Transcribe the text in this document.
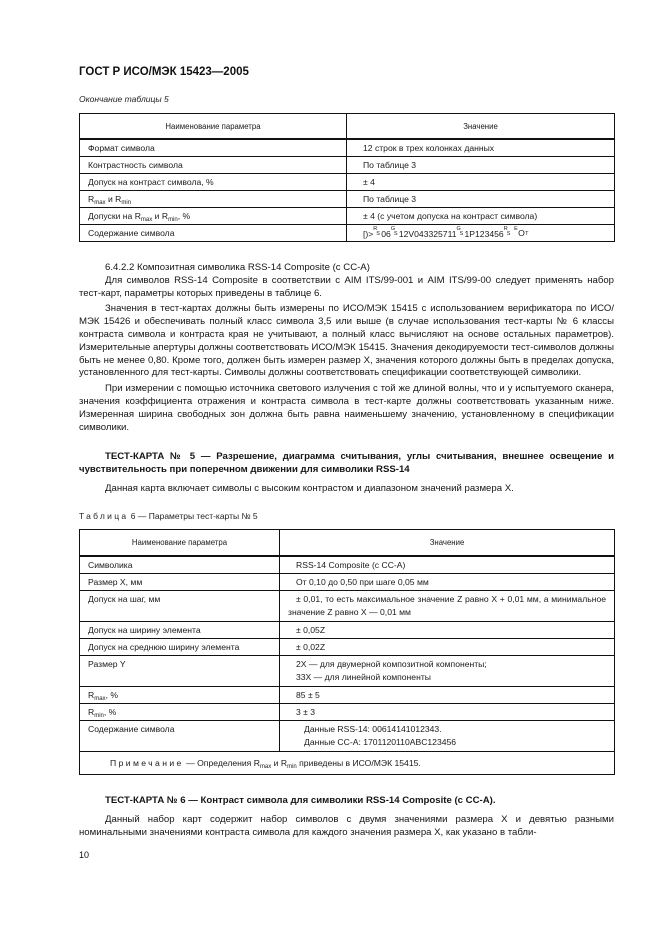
ГОСТ Р ИСО/МЭК 15423—2005
Окончание таблицы 5
Наименование параметра	Значение
Формат символа	12 строк в трех колонках данных
Контрастность символа	По таблице 3
Допуск на контраст символа, %	± 4
$R_{max}$ и $R_{min}$	По таблице 3
Допуски на $R_{max}$ и $R_{min}$, %	± 4 (с учетом допуска на контраст символа)
Содержание символа	[)> R
S 06 G
S 12V043325711 G
S 1P123456 R
S

E O T

6.4.2.2 Композитная символика RSS-14 Composite (с CC-A)

Для символов RSS-14 Composite в соответствии с AIM ITS/99-001 и AIM ITS/99-00 следует применять набор тест-карт, параметры которых приведены в таблице 6.

Значения в тест-картах должны быть измерены по ИСО/МЭК 15415 с использованием верификатора по ИСО/МЭК 15426 и обеспечивать полный класс символа 3,5 или выше (в случае использования тест-карты № 6 классы контраста символа и контраста края не учитывают, а полный класс вычисляют на основе остальных параметров). Измерительные апертуры должны соответствовать ИСО/МЭК 15415. Значения декодируемости тест-символов должны быть не менее 0,80. Кроме того, должен быть измерен размер X, значения которого должны быть в пределах допуска, установленного для тест-карты. Символы должны соответствовать спецификации соответствующей символики.

При измерении с помощью источника светового излучения с той же длиной волны, что и у испытуемого сканера, значения коэффициента отражения и контраста символа в тест-карте должны соответствовать указанным ниже. Измеренная ширина свободных зон должна быть равна наименьшему значению, установленному в спецификации символики.

ТЕСТ-КАРТА № 5 — Разрешение, диаграмма считывания, углы считывания, внешнее освещение и чувствительность при поперечном движении для символики RSS-14

Данная карта включает символы с высоким контрастом и диапазоном значений размера X.

Таблица 6 — Параметры тест-карты № 5
Наименование параметра	Значение
Символика	RSS-14 Composite (с CC-A)
Размер X, мм	От 0,10 до 0,50 при шаге 0,05 мм
Допуск на шаг, мм	± 0,01, то есть максимальное значение Z равно X + 0,01 мм, а минимальное значение Z равно X — 0,01 мм
Допуск на ширину элемента	± 0,05Z
Допуск на среднюю ширину элемента	± 0,02Z
Размер Y	2X — для двумерной композитной компоненты;
33X — для линейной компоненты

$R_{max}$, %	85 ± 5
$R_{min}$, %	3 ± 3
Содержание символа	Данные RSS-14: 00614141012343.
Данные CC-A: 1701120110ABC123456

Примечание — Определения $R_{max}$ и $R_{min}$ приведены в ИСО/МЭК 15415.	

ТЕСТ-КАРТА № 6 — Контраст символа для символики RSS-14 Composite (с CC-A).

Данный набор карт содержит набор символов с двумя значениями размера X и девятью разными номинальными значениями контраста символа для каждого значения размера X, как указано в табли-

10
